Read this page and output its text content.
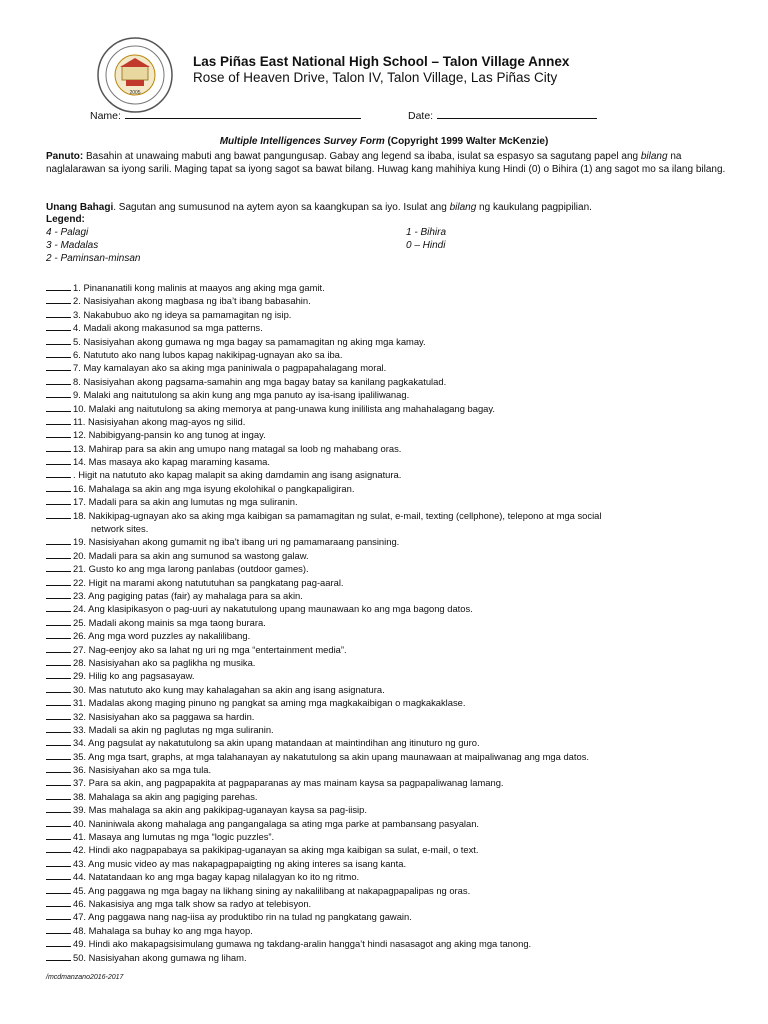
2005
Las Piñas East National High School – Talon Village Annex
Rose of Heaven Drive, Talon IV, Talon Village, Las Piñas City
Name:	Date:
Multiple Intelligences Survey Form (Copyright 1999 Walter McKenzie)
Panuto: Basahin at unawaing mabuti ang bawat pangungusap. Gabay ang legend sa ibaba, isulat sa espasyo sa sagutang papel ang bilang na naglalarawan sa iyong sarili. Maging tapat sa iyong sagot sa bawat bilang. Huwag kang mahihiya kung Hindi (0) o Bihira (1) ang sagot mo sa ilang bilang.
Unang Bahagi. Sagutan ang sumusunod na aytem ayon sa kaangkupan sa iyo. Isulat ang bilang ng kaukulang pagpipilian.
Legend:
4 - Palagi
3 - Madalas
2 - Paminsan-minsan
1 - Bihira
0 – Hindi
1. Pinananatili kong malinis at maayos ang aking mga gamit.
2. Nasisiyahan akong magbasa ng iba’t ibang babasahin.
3. Nakabubuo ako ng ideya sa pamamagitan ng isip.
4. Madali akong makasunod sa mga patterns.
5. Nasisiyahan akong gumawa ng mga bagay sa pamamagitan ng aking mga kamay.
6. Natututo ako nang lubos kapag nakikipag-ugnayan ako sa iba.
7. May kamalayan ako sa aking mga paniniwala o pagpapahalagang moral.
8. Nasisiyahan akong pagsama-samahin ang mga bagay batay sa kanilang pagkakatulad.
9. Malaki ang naitutulong sa akin kung ang mga panuto ay isa-isang ipaliliwanag.
10. Malaki ang naitutulong sa aking memorya at pang-unawa kung inililista ang mahahalagang bagay.
11. Nasisiyahan akong mag-ayos ng silid.
12. Nabibigyang-pansin ko ang tunog at ingay.
13. Mahirap para sa akin ang umupo nang matagal sa loob ng mahabang oras.
14. Mas masaya ako kapag maraming kasama.
. Higit na natututo ako kapag malapit sa aking damdamin ang isang asignatura.
16. Mahalaga sa akin ang mga isyung ekolohikal o pangkapaligiran.
17. Madali para sa akin ang lumutas ng mga suliranin.
18. Nakikipag-ugnayan ako sa aking mga kaibigan sa pamamagitan ng sulat, e-mail, texting (cellphone), telepono at mga social
network sites.
19. Nasisiyahan akong gumamit ng iba’t ibang uri ng pamamaraang pansining.
20. Madali para sa akin ang sumunod sa wastong galaw.
21. Gusto ko ang mga larong panlabas (outdoor games).
22. Higit na marami akong natututuhan sa pangkatang pag-aaral.
23. Ang pagiging patas (fair) ay mahalaga para sa akin.
24. Ang klasipikasyon o pag-uuri ay nakatutulong upang maunawaan ko ang mga bagong datos.
25. Madali akong mainis sa mga taong burara.
26. Ang mga word puzzles ay nakalilibang.
27. Nag-eenjoy ako sa lahat ng uri ng mga “entertainment media”.
28. Nasisiyahan ako sa paglikha ng musika.
29. Hilig ko ang pagsasayaw.
30. Mas natututo ako kung may kahalagahan sa akin ang isang asignatura.
31. Madalas akong maging pinuno ng pangkat sa aming mga magkakaibigan o magkakaklase.
32. Nasisiyahan ako sa paggawa sa hardin.
33. Madali sa akin ng paglutas ng mga suliranin.
34. Ang pagsulat ay nakatutulong sa akin upang matandaan at maintindihan ang itinuturo ng guro.
35. Ang mga tsart, graphs, at mga talahanayan ay nakatutulong sa akin upang maunawaan at maipaliwanag ang mga datos.
36. Nasisiyahan ako sa mga tula.
37. Para sa akin, ang pagpapakita at pagpaparanas ay mas mainam kaysa sa pagpapaliwanag lamang.
38. Mahalaga sa akin ang pagiging parehas.
39. Mas mahalaga sa akin ang pakikipag-uganayan kaysa sa pag-iisip.
40. Naniniwala akong mahalaga ang pangangalaga sa ating mga parke at pambansang pasyalan.
41. Masaya ang lumutas ng mga “logic puzzles”.
42. Hindi ako nagpapabaya sa pakikipag-uganayan sa aking mga kaibigan sa sulat, e-mail, o text.
43. Ang music video ay mas nakapagpapaigting ng aking interes sa isang kanta.
44. Natatandaan ko ang mga bagay kapag nilalagyan ko ito ng ritmo.
45. Ang paggawa ng mga bagay na likhang sining ay nakalilibang at nakapagpapalipas ng oras.
46. Nakasisiya ang mga talk show sa radyo at telebisyon.
47. Ang paggawa nang nag-iisa ay produktibo rin na tulad ng pangkatang gawain.
48. Mahalaga sa buhay ko ang mga hayop.
49. Hindi ako makapagsisimulang gumawa ng takdang-aralin hangga’t hindi nasasagot ang aking mga tanong.
50. Nasisiyahan akong gumawa ng liham.
/mcdmanzano2016-2017
